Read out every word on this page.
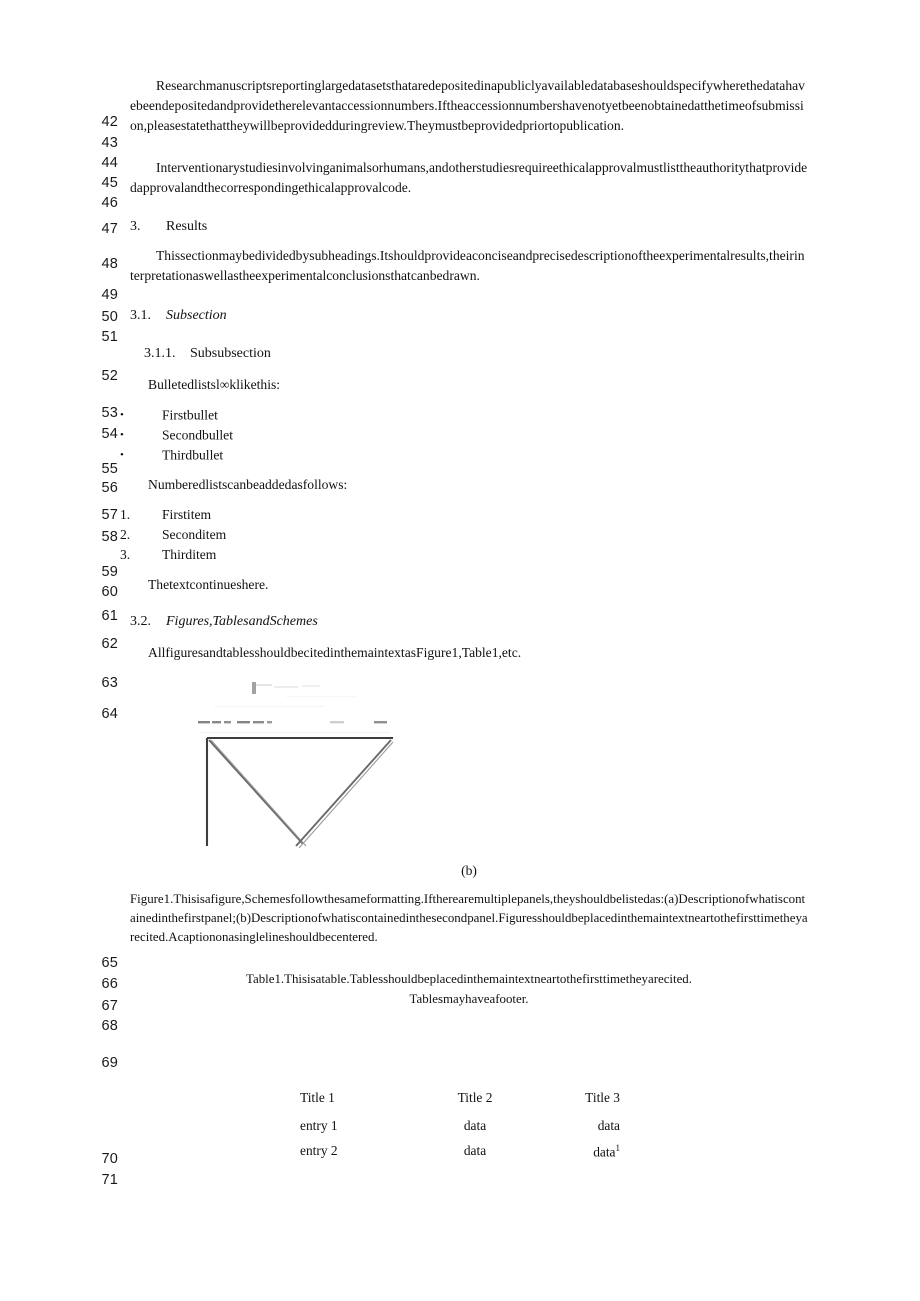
42
43
44
45
46
47
48
49
50
51
52
53
54
55
56
57
58
59
60
61
62
63
64
65
66
67
68
69
70
71
Researchmanuscriptsreportinglargedatasetsthataredepositedinapubliclyavailabledatabaseshouldspecifywherethedatahavebeendepositedandprovidetherelevantaccessionnumbers.Iftheaccessionnumbershavenotyetbeenobtainedatthetimeofsubmission,pleasestatethattheywillbeprovidedduringreview.Theymustbeprovidedpriortopublication.
Interventionarystudiesinvolvinganimalsorhumans,andotherstudiesrequireethicalapprovalmustlisttheauthoritythatprovidedapprovalandthecorrespondingethicalapprovalcode.
3. Results
Thissectionmaybedividedbysubheadings.Itshouldprovideaconciseandprecisedescriptionoftheexperimentalresults,theirinterpretationaswellastheexperimentalconclusionsthatcanbedrawn.
3.1. Subsection
3.1.1. Subsubsection
Bulletedlistsl∞klikethis:
•	Firstbullet
•	Secondbullet
•	Thirdbullet
Numberedlistscanbeaddedasfollows:
1. Firstitem
2. Seconditem
3. Thirditem
Thetextcontinueshere.
3.2. Figures,TablesandSchemes
AllfiguresandtablesshouldbecitedinthemaintextasFigure1,Table1,etc.
(b)
Figure1.Thisisafigure,Schemesfollowthesameformatting.Iftherearemultiplepanels,theyshouldbelistedas:(a)Descriptionofwhatiscontainedinthefirstpanel;(b)Descriptionofwhatiscontainedinthesecondpanel.Figuresshouldbeplacedinthemaintextneartothefirsttimetheyarecited.Acaptiononasinglelineshouldbecentered.
Table1.Thisisatable.Tablesshouldbeplacedinthemaintextneartothefirsttimetheyarecited.
Tablesmayhaveafooter.
Title 1	Title 2	Title 3
entry 1	data	data
entry 2	data	data$^1$
